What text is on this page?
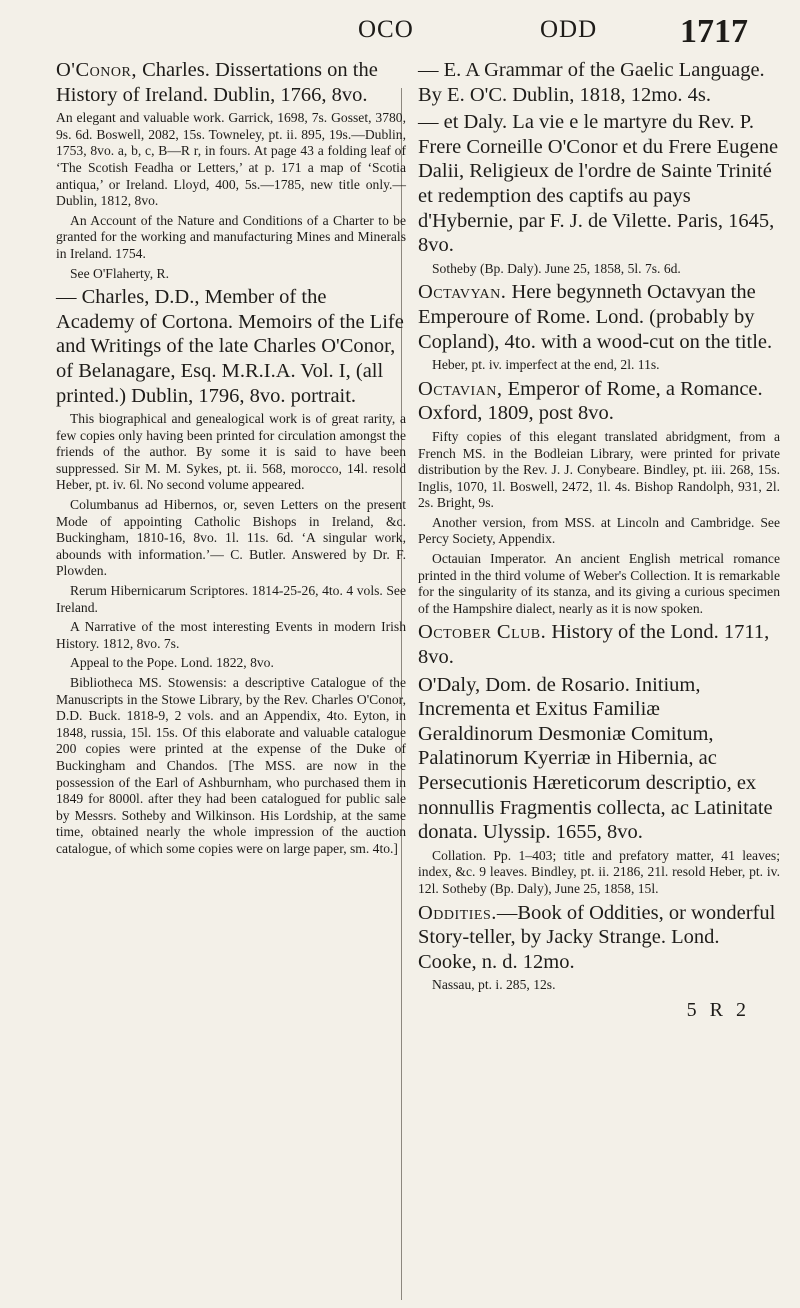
OCO	ODD 1717

O'Conor, Charles. Dissertations on the History of Ireland. Dublin, 1766, 8vo.

An elegant and valuable work. Garrick, 1698, 7s. Gosset, 3780, 9s. 6d. Boswell, 2082, 15s. Towneley, pt. ii. 895, 19s.—Dublin, 1753, 8vo. a, b, c, B—R r, in fours. At page 43 a folding leaf of ‘The Scotish Feadha or Letters,’ at p. 171 a map of ‘Scotia antiqua,’ or Ireland. Lloyd, 400, 5s.—1785, new title only.—Dublin, 1812, 8vo.

An Account of the Nature and Conditions of a Charter to be granted for the working and manufacturing Mines and Minerals in Ireland. 1754.

See O'Flaherty, R.

— Charles, D.D., Member of the Academy of Cortona. Memoirs of the Life and Writings of the late Charles O'Conor, of Belanagare, Esq. M.R.I.A. Vol. I, (all printed.) Dublin, 1796, 8vo. portrait.

This biographical and genealogical work is of great rarity, a few copies only having been printed for circulation amongst the friends of the author. By some it is said to have been suppressed. Sir M. M. Sykes, pt. ii. 568, morocco, 14l. resold Heber, pt. iv. 6l. No second volume appeared.

Columbanus ad Hibernos, or, seven Letters on the present Mode of appointing Catholic Bishops in Ireland, &c. Buckingham, 1810-16, 8vo. 1l. 11s. 6d. ‘A singular work, abounds with information.’— C. Butler. Answered by Dr. F. Plowden.

Rerum Hibernicarum Scriptores. 1814-25-26, 4to. 4 vols. See Ireland.

A Narrative of the most interesting Events in modern Irish History. 1812, 8vo. 7s.

Appeal to the Pope. Lond. 1822, 8vo.

Bibliotheca MS. Stowensis: a descriptive Catalogue of the Manuscripts in the Stowe Library, by the Rev. Charles O'Conor, D.D. Buck. 1818-9, 2 vols. and an Appendix, 4to. Eyton, in 1848, russia, 15l. 15s. Of this elaborate and valuable catalogue 200 copies were printed at the expense of the Duke of Buckingham and Chandos. [The MSS. are now in the possession of the Earl of Ashburnham, who purchased them in 1849 for 8000l. after they had been catalogued for public sale by Messrs. Sotheby and Wilkinson. His Lordship, at the same time, obtained nearly the whole impression of the auction catalogue, of which some copies were on large paper, sm. 4to.]

— E. A Grammar of the Gaelic Language. By E. O'C. Dublin, 1818, 12mo. 4s.

— et Daly. La vie e le martyre du Rev. P. Frere Corneille O'Conor et du Frere Eugene Dalii, Religieux de l'ordre de Sainte Trinité et redemption des captifs au pays d'Hybernie, par F. J. de Vilette. Paris, 1645, 8vo.

Sotheby (Bp. Daly). June 25, 1858, 5l. 7s. 6d.

Octavyan. Here begynneth Octavyan the Emperoure of Rome. Lond. (probably by Copland), 4to. with a wood-cut on the title.

Heber, pt. iv. imperfect at the end, 2l. 11s.

Octavian, Emperor of Rome, a Romance. Oxford, 1809, post 8vo.

Fifty copies of this elegant translated abridgment, from a French MS. in the Bodleian Library, were printed for private distribution by the Rev. J. J. Conybeare. Bindley, pt. iii. 268, 15s. Inglis, 1070, 1l. Boswell, 2472, 1l. 4s. Bishop Randolph, 931, 2l. 2s. Bright, 9s.

Another version, from MSS. at Lincoln and Cambridge. See Percy Society, Appendix.

Octauian Imperator. An ancient English metrical romance printed in the third volume of Weber's Collection. It is remarkable for the singularity of its stanza, and its giving a curious specimen of the Hampshire dialect, nearly as it is now spoken.

October Club. History of the Lond. 1711, 8vo.

O'Daly, Dom. de Rosario. Initium, Incrementa et Exitus Familiæ Geraldinorum Desmoniæ Comitum, Palatinorum Kyerriæ in Hibernia, ac Persecutionis Hæreticorum descriptio, ex nonnullis Fragmentis collecta, ac Latinitate donata. Ulyssip. 1655, 8vo.

Collation. Pp. 1–403; title and prefatory matter, 41 leaves; index, &c. 9 leaves. Bindley, pt. ii. 2186, 21l. resold Heber, pt. iv. 12l. Sotheby (Bp. Daly), June 25, 1858, 15l.

Oddities.—Book of Oddities, or wonderful Story-teller, by Jacky Strange. Lond. Cooke, n. d. 12mo.

Nassau, pt. i. 285, 12s.

5 R 2
